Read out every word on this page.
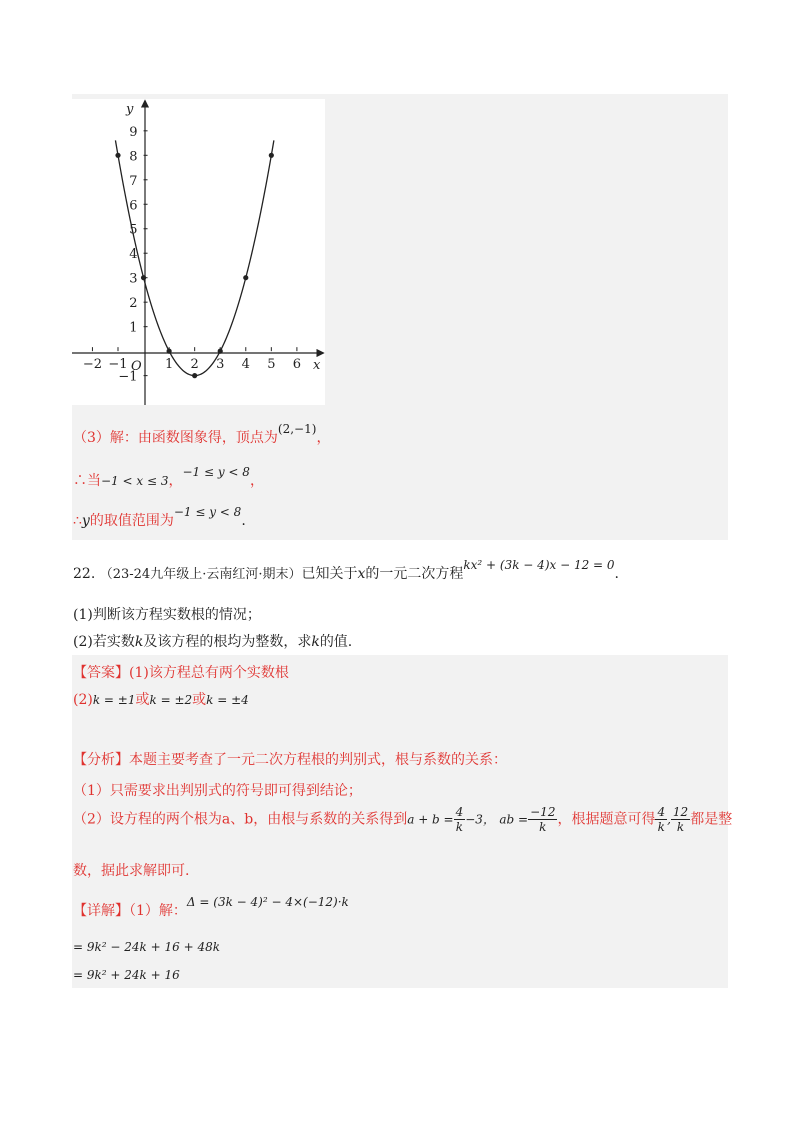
x
y
O
−2 −1	1 2 3 4 5 6
−1
1
2
3
4
5
6
7
8
9
（3）解：由函数图象得，顶点为(2,−1)，
∴当−1 < x ≤ 3，−1 ≤ y < 8，
∴y的取值范围为−1 ≤ y < 8.
22. （23-24九年级上·云南红河·期末）已知关于x的一元二次方程kx² + (3k − 4)x − 12 = 0.
(1)判断该方程实数根的情况；
(2)若实数k及该方程的根均为整数，求k的值.
【答案】(1)该方程总有两个实数根
(2)k = ±1或k = ±2或k = ±4
【分析】本题主要考查了一元二次方程根的判别式，根与系数的关系：
（1）只需要求出判别式的符号即可得到结论；
（2）设方程的两个根为a、b，由根与系数的关系得到$a + b = \frac{4}{k} -3$， ab = $\frac{-12}{k}$ ，根据题意可得 $\frac{4}{k}$ , $\frac{12}{k}$ 都是整
数，据此求解即可.
【详解】（1）解：Δ = (3k − 4)² − 4×(−12)·k
= 9k² − 24k + 16 + 48k
= 9k² + 24k + 16
